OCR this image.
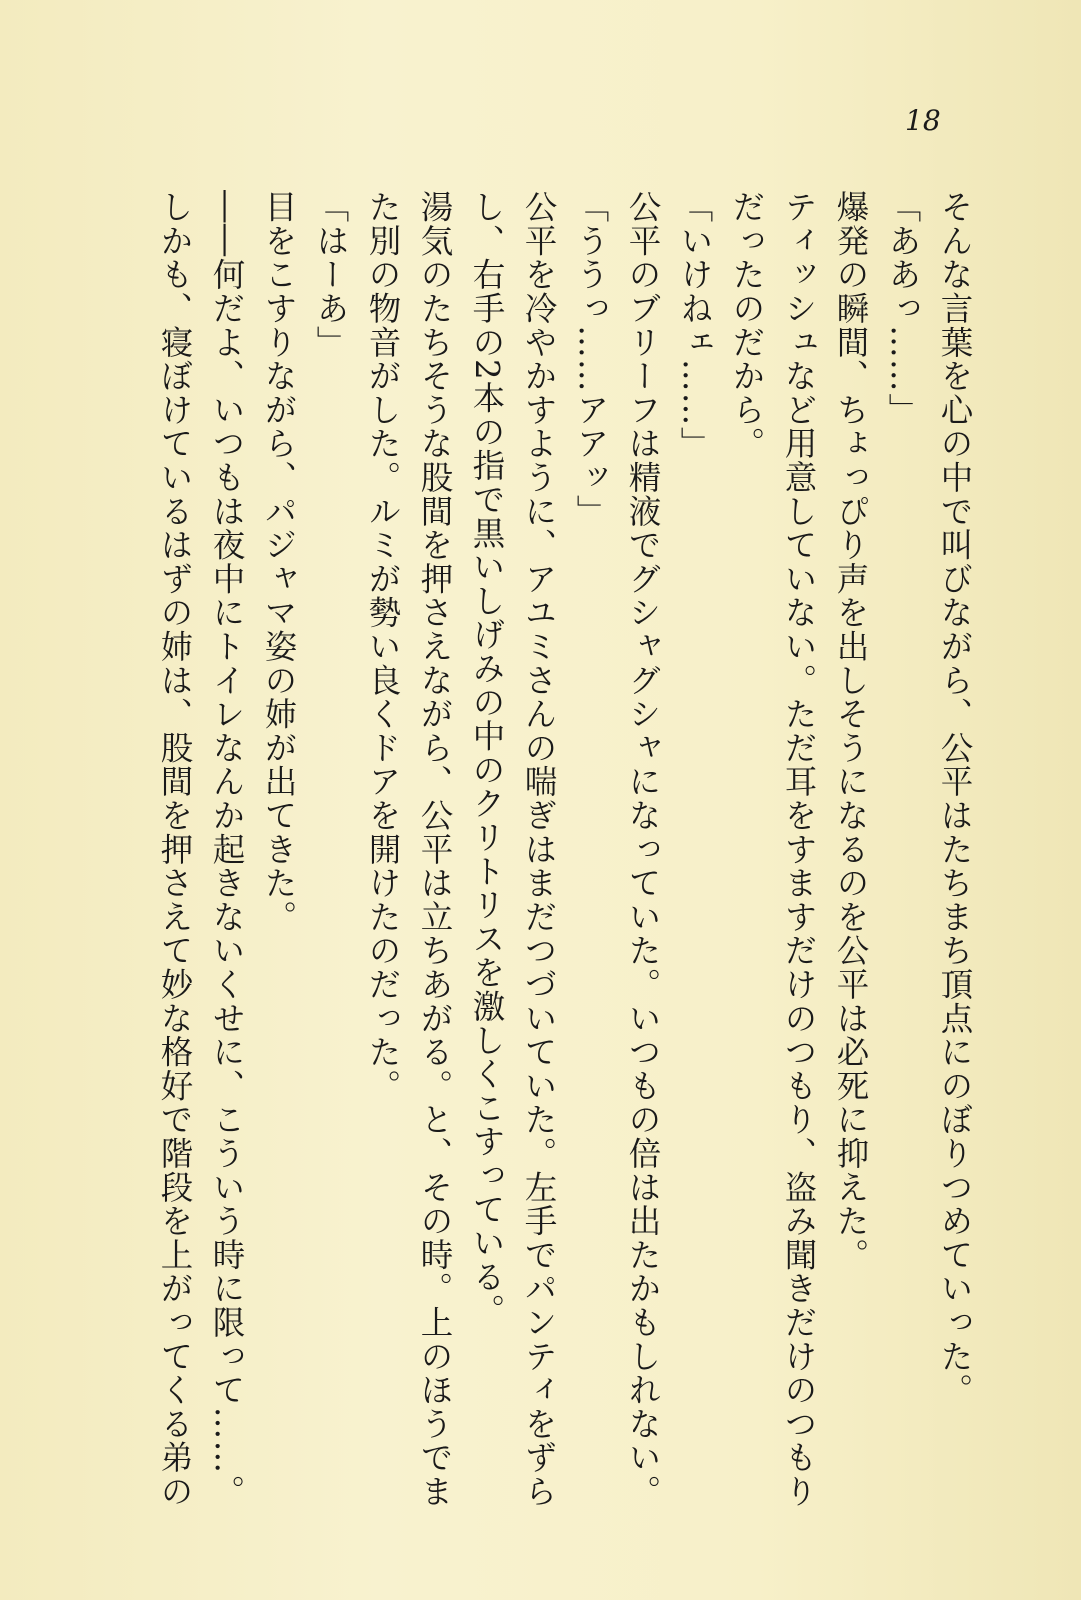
18
そんな言葉を心の中で叫びながら、公平はたちまち頂点にのぼりつめていった。
「ああっ……」
爆発の瞬間、ちょっぴり声を出しそうになるのを公平は必死に抑えた。
ティッシュなど用意していない。ただ耳をすますだけのつもり、盗み聞きだけのつもり
だったのだから。
「いけねェ……」
公平のブリーフは精液でグシャグシャになっていた。いつもの倍は出たかもしれない。
「ううっ……アアッ」
公平を冷やかすように、アユミさんの喘ぎはまだつづいていた。左手でパンティをずら
し、右手の2本の指で黒いしげみの中のクリトリスを激しくこすっている。
湯気のたちそうな股間を押さえながら、公平は立ちあがる。と、その時。上のほうでま
た別の物音がした。ルミが勢い良くドアを開けたのだった。
「はーあ」
目をこすりながら、パジャマ姿の姉が出てきた。
――何だよ、いつもは夜中にトイレなんか起きないくせに、こういう時に限って……。
しかも、寝ぼけているはずの姉は、股間を押さえて妙な格好で階段を上がってくる弟の
